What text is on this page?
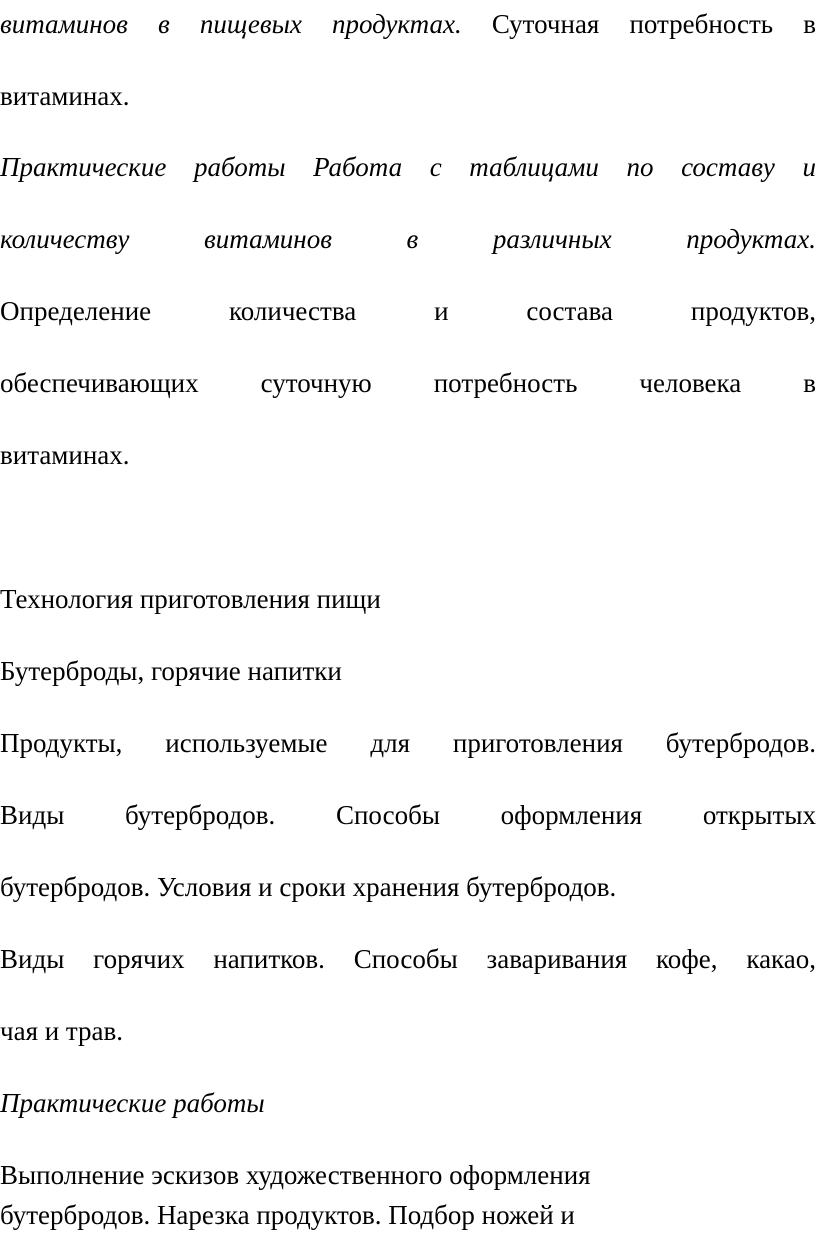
витаминов в пищевых продуктах. Суточная потребность в
витаминах.
Практические работы Работа с таблицами по составу и
количеству витаминов в различных продуктах.
Определение количества и состава продуктов,
обеспечивающих суточную потребность человека в
витаминах.
Технология приготовления пищи
Бутерброды, горячие напитки
Продукты, используемые для приготовления бутербродов.
Виды бутербродов. Способы оформления открытых
бутербродов. Условия и сроки хранения бутербродов.
Виды горячих напитков. Способы заваривания кофе, какао,
чая и трав.
Практические работы
Выполнение эскизов художественного оформления
бутербродов. Нарезка продуктов. Подбор ножей и
